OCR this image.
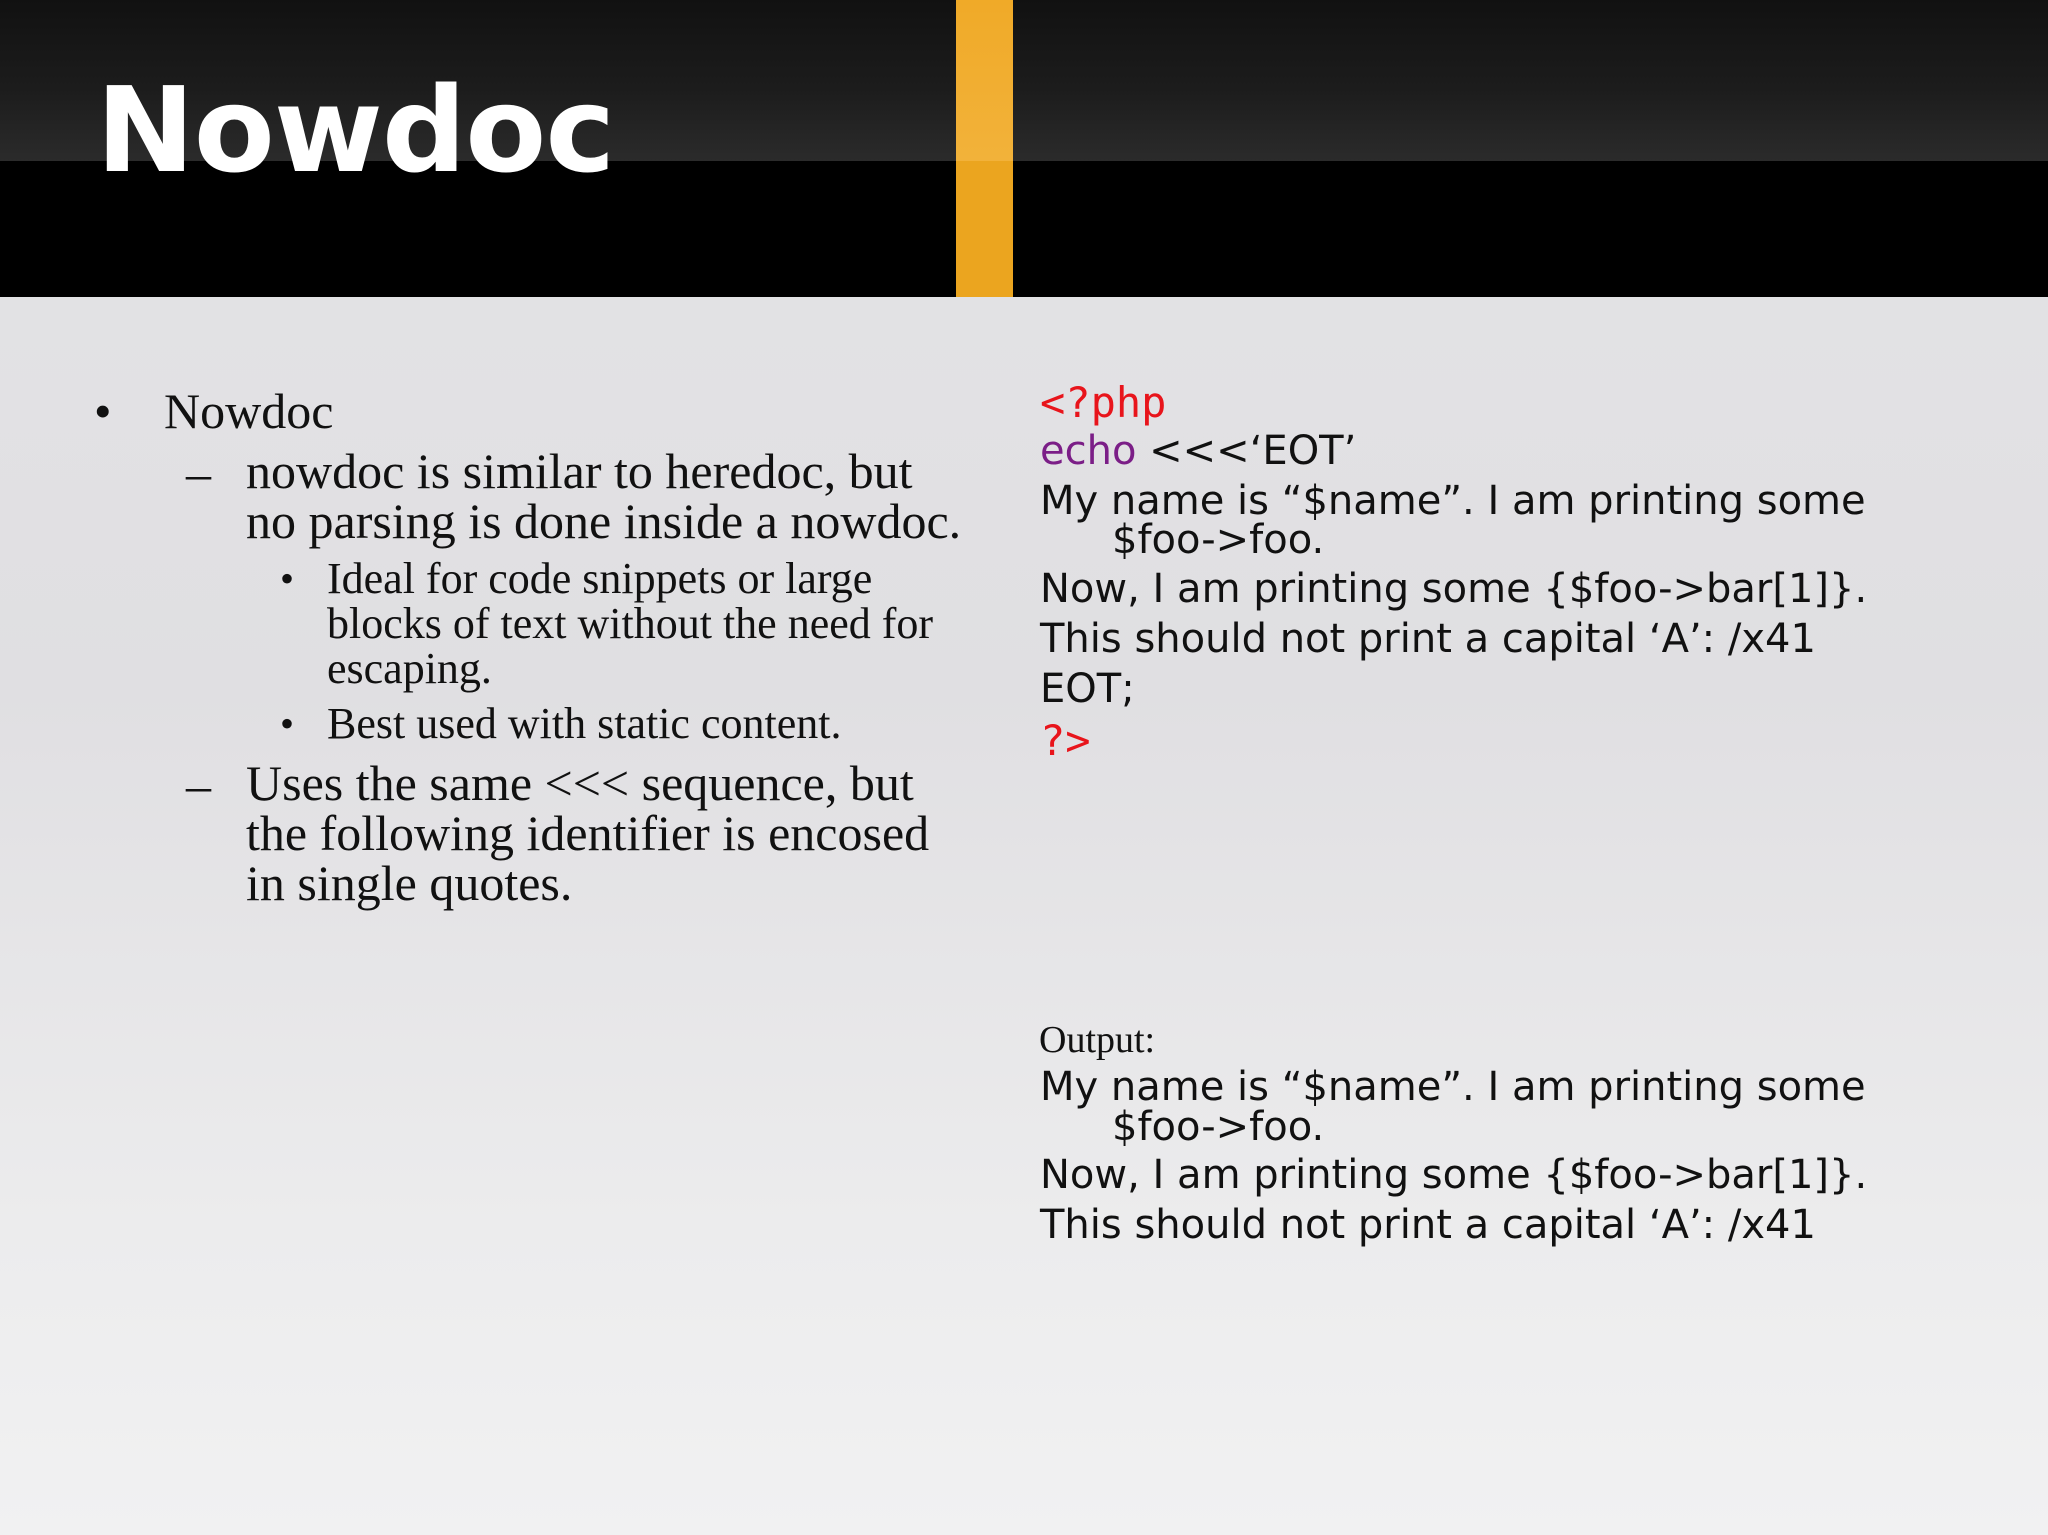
Nowdoc
• Nowdoc
– nowdoc is similar to heredoc, but
no parsing is done inside a nowdoc.
• Ideal for code snippets or large
blocks of text without the need for
escaping.
• Best used with static content.
– Uses the same <<< sequence, but
the following identifier is encosed
in single quotes.
<?php
echo <<<‘EOT’
My name is “$name”. I am printing some
$foo->foo.
Now, I am printing some {$foo->bar[1]}.
This should not print a capital ‘A’: /x41
EOT;
?>
Output:
My name is “$name”. I am printing some
$foo->foo.
Now, I am printing some {$foo->bar[1]}.
This should not print a capital ‘A’: /x41
